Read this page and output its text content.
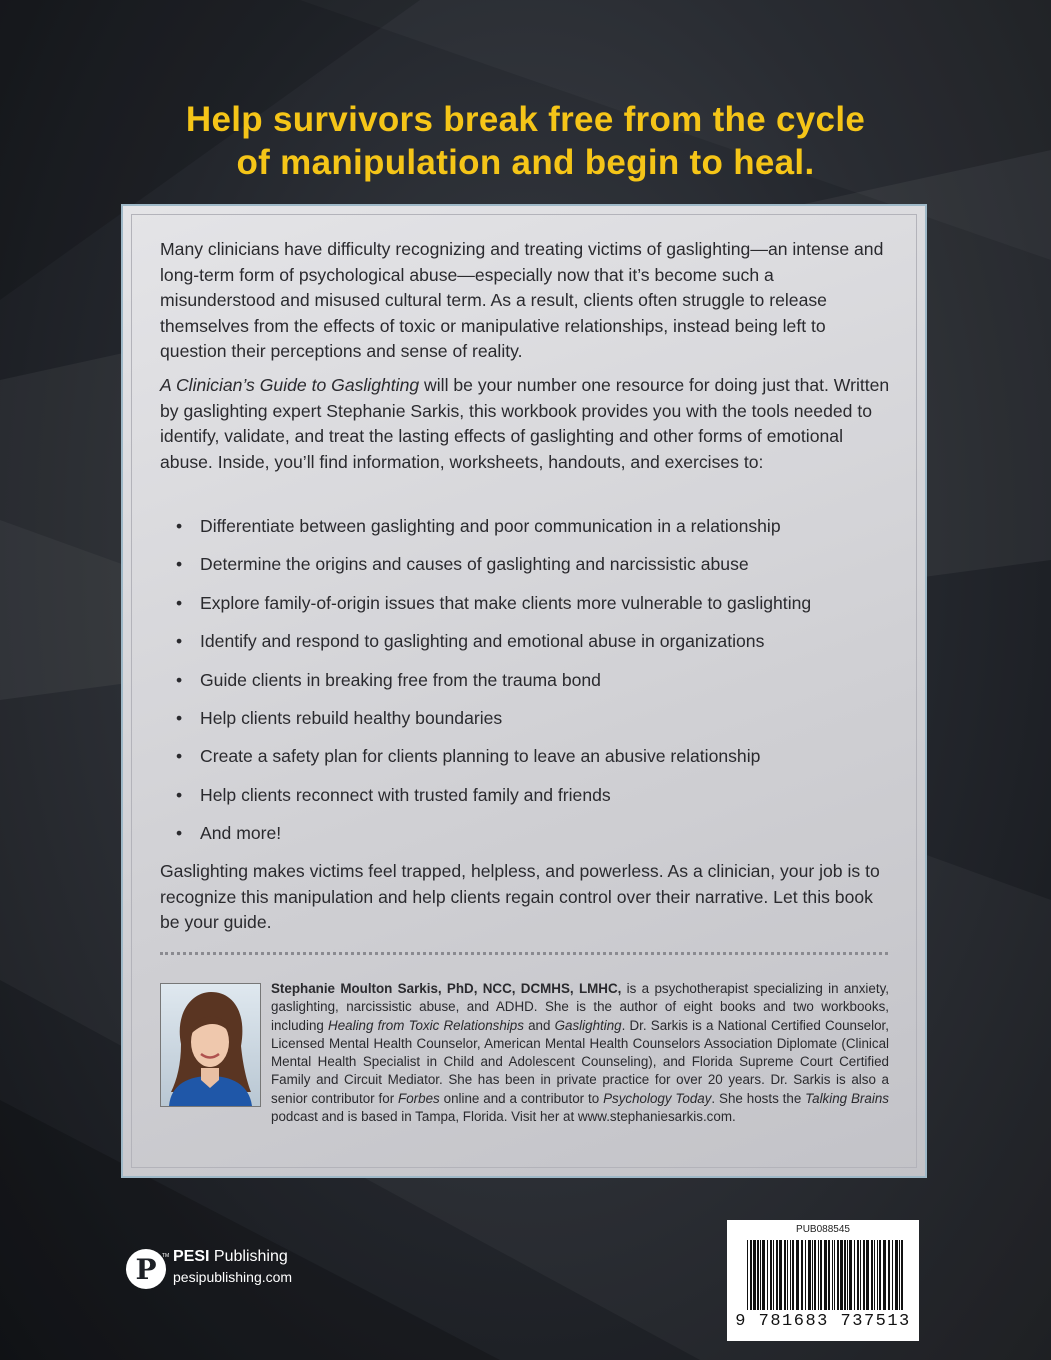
Help survivors break free from the cycle
of manipulation and begin to heal.
Many clinicians have difficulty recognizing and treating victims of gaslighting—an intense and long-term form of psychological abuse—especially now that it’s become such a misunderstood and misused cultural term. As a result, clients often struggle to release themselves from the effects of toxic or manipulative relationships, instead being left to question their perceptions and sense of reality.
A Clinician’s Guide to Gaslighting will be your number one resource for doing just that. Written by gaslighting expert Stephanie Sarkis, this workbook provides you with the tools needed to identify, validate, and treat the lasting effects of gaslighting and other forms of emotional abuse. Inside, you’ll find information, worksheets, handouts, and exercises to:
• Differentiate between gaslighting and poor communication in a relationship
• Determine the origins and causes of gaslighting and narcissistic abuse
• Explore family-of-origin issues that make clients more vulnerable to gaslighting
• Identify and respond to gaslighting and emotional abuse in organizations
• Guide clients in breaking free from the trauma bond
• Help clients rebuild healthy boundaries
• Create a safety plan for clients planning to leave an abusive relationship
• Help clients reconnect with trusted family and friends
• And more!
Gaslighting makes victims feel trapped, helpless, and powerless. As a clinician, your job is to recognize this manipulation and help clients regain control over their narrative. Let this book be your guide.
Stephanie Moulton Sarkis, PhD, NCC, DCMHS, LMHC, is a psychotherapist specializing in anxiety, gaslighting, narcissistic abuse, and ADHD. She is the author of eight books and two workbooks, including Healing from Toxic Relationships and Gaslighting. Dr. Sarkis is a National Certified Counselor, Licensed Mental Health Counselor, American Mental Health Counselors Association Diplomate (Clinical Mental Health Specialist in Child and Adolescent Counseling), and Florida Supreme Court Certified Family and Circuit Mediator. She has been in private practice for over 20 years. Dr. Sarkis is also a senior contributor for Forbes online and a contributor to Psychology Today. She hosts the Talking Brains podcast and is based in Tampa, Florida. Visit her at www.stephaniesarkis.com.
P TM PESI Publishing
pesipublishing.com
PUB088545
9 781683 737513
